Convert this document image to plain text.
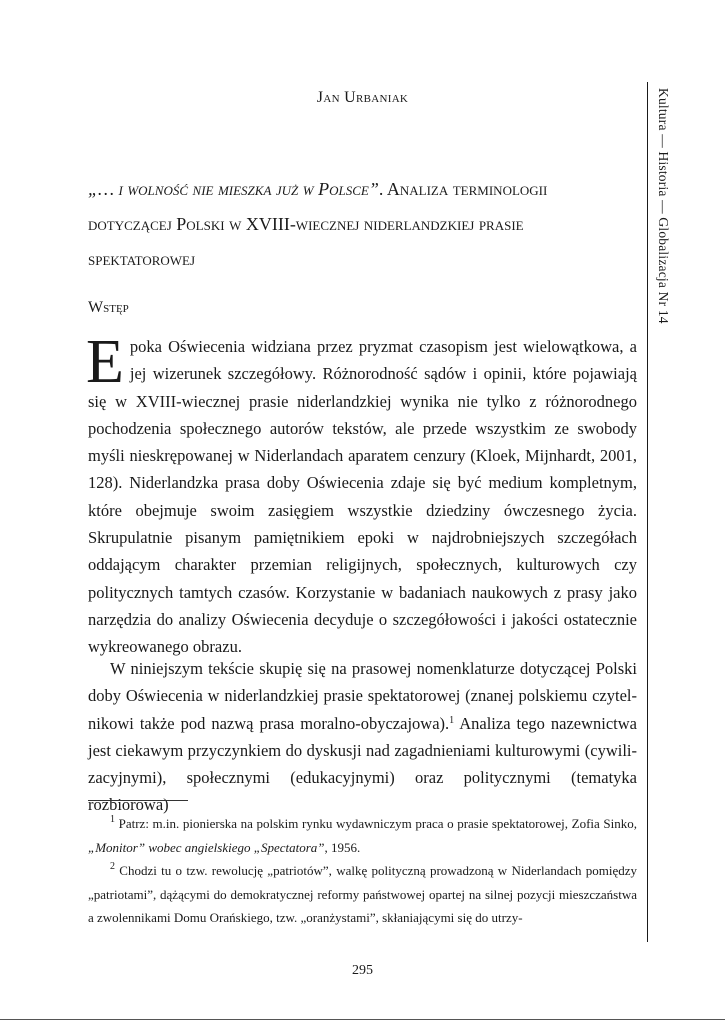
Jan Urbaniak
„… i wolność nie mieszka już w Polsce”. Analiza terminologii dotyczącej Polski w XVIII-wiecznej niderlandzkiej prasie spektatorowej
Wstęp
Epoka Oświecenia widziana przez pryzmat czasopism jest wielowątkowa, a jej wizerunek szczegółowy. Różnorodność sądów i opinii, które pojawiają się w XVIII-wiecznej prasie niderlandzkiej wynika nie tylko z różnorodnego pochodzenia społecznego autorów tekstów, ale przede wszystkim ze swobody myśli nieskrępowanej w Niderlandach aparatem cenzury (Kloek, Mijnhardt, 2001, 128). Niderlandzka prasa doby Oświecenia zdaje się być medium kompletnym, które obejmuje swoim zasięgiem wszystkie dziedziny ówczesnego życia. Skrupulatnie pisanym pamiętnikiem epoki w najdrobniejszych szczegółach oddającym charakter przemian religijnych, społecznych, kulturowych czy politycznych tamtych czasów. Korzystanie w badaniach naukowych z prasy jako narzędzia do analizy Oświecenia decyduje o szczegółowości i jakości ostatecznie wykreowanego obrazu.
W niniejszym tekście skupię się na prasowej nomenklaturze dotyczącej Polski doby Oświecenia w niderlandzkiej prasie spektatorowej (znanej polskiemu czytelnikowi także pod nazwą prasa moralno-obyczajowa).$^1$ Analiza tego nazewnictwa jest ciekawym przyczynkiem do dyskusji nad zagadnieniami kulturowymi (cywilizacyjnymi), społecznymi (edukacyjnymi) oraz politycznymi (tematyka rozbiorowa)
$^1$ Patrz: m.in. pionierska na polskim rynku wydawniczym praca o prasie spektatorowej, Zofia Sinko, „Monitor” wobec angielskiego „Spectatora”, 1956.
$^2$ Chodzi tu o tzw. rewolucję „patriotów”, walkę polityczną prowadzoną w Niderlandach pomiędzy „patriotami”, dążącymi do demokratycznej reformy państwowej opartej na silnej pozycji mieszczaństwa a zwolennikami Domu Orańskiego, tzw. „oranżystami”, skłaniającymi się do utrzy-
Kultura — Historia — Globalizacja Nr 14
295
